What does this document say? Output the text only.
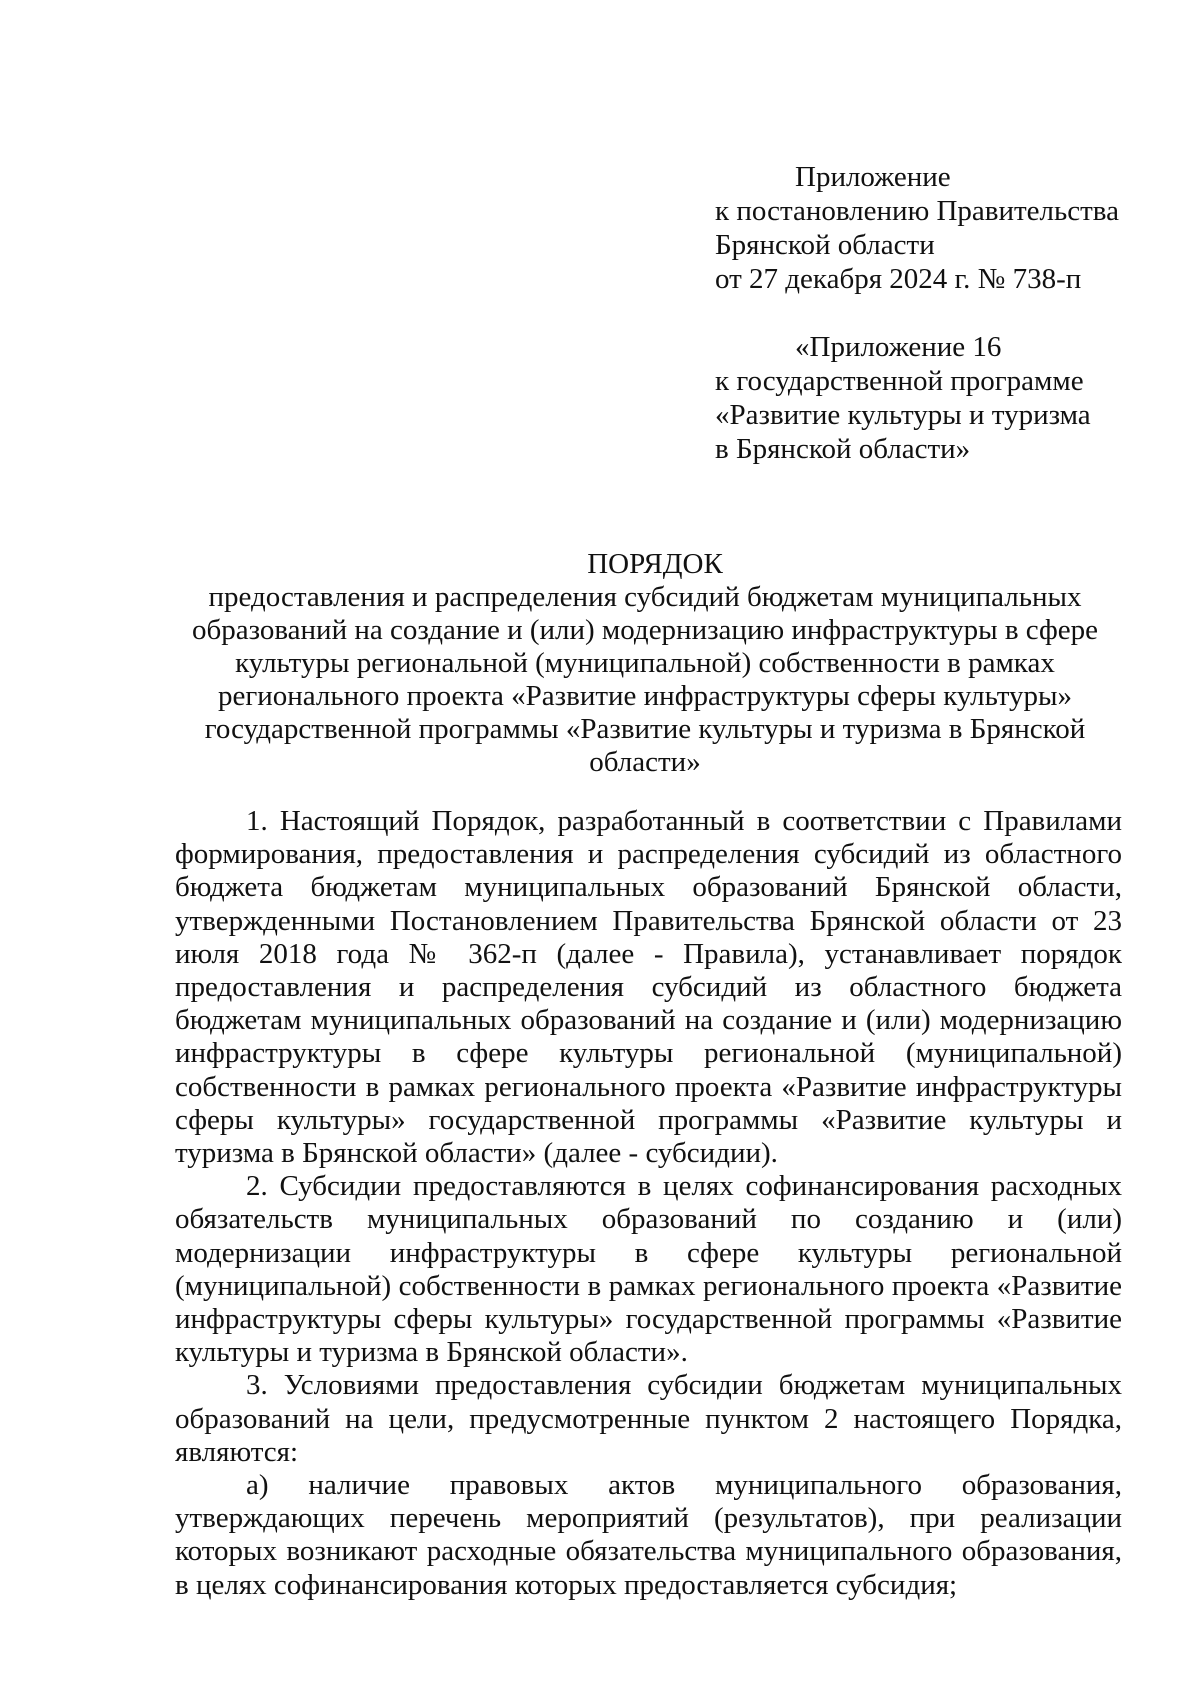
Приложение
к постановлению Правительства
Брянской области
от 27 декабря 2024 г. № 738-п
«Приложение 16
к государственной программе
«Развитие культуры и туризма
в Брянской области»
ПОРЯДОК
предоставления и распределения субсидий бюджетам муниципальных
образований на создание и (или) модернизацию инфраструктуры в сфере
культуры региональной (муниципальной) собственности в рамках
регионального проекта «Развитие инфраструктуры сферы культуры»
государственной программы «Развитие культуры и туризма в Брянской
области»

1. Настоящий Порядок, разработанный в соответствии с Правилами формирования, предоставления и распределения субсидий из областного бюджета бюджетам муниципальных образований Брянской области, утвержденными Постановлением Правительства Брянской области от 23 июля 2018 года № 362-п (далее - Правила), устанавливает порядок предоставления и распределения субсидий из областного бюджета бюджетам муниципальных образований на создание и (или) модернизацию инфраструктуры в сфере культуры региональной (муниципальной) собственности в рамках регионального проекта «Развитие инфраструктуры сферы культуры» государственной программы «Развитие культуры и туризма в Брянской области» (далее - субсидии).

2. Субсидии предоставляются в целях софинансирования расходных обязательств муниципальных образований по созданию и (или) модернизации инфраструктуры в сфере культуры региональной (муниципальной) собственности в рамках регионального проекта «Развитие инфраструктуры сферы культуры» государственной программы «Развитие культуры и туризма в Брянской области».

3. Условиями предоставления субсидии бюджетам муниципальных образований на цели, предусмотренные пунктом 2 настоящего Порядка, являются:

а) наличие правовых актов муниципального образования, утверждающих перечень мероприятий (результатов), при реализации которых возникают расходные обязательства муниципального образования, в целях софинансирования которых предоставляется субсидия;
